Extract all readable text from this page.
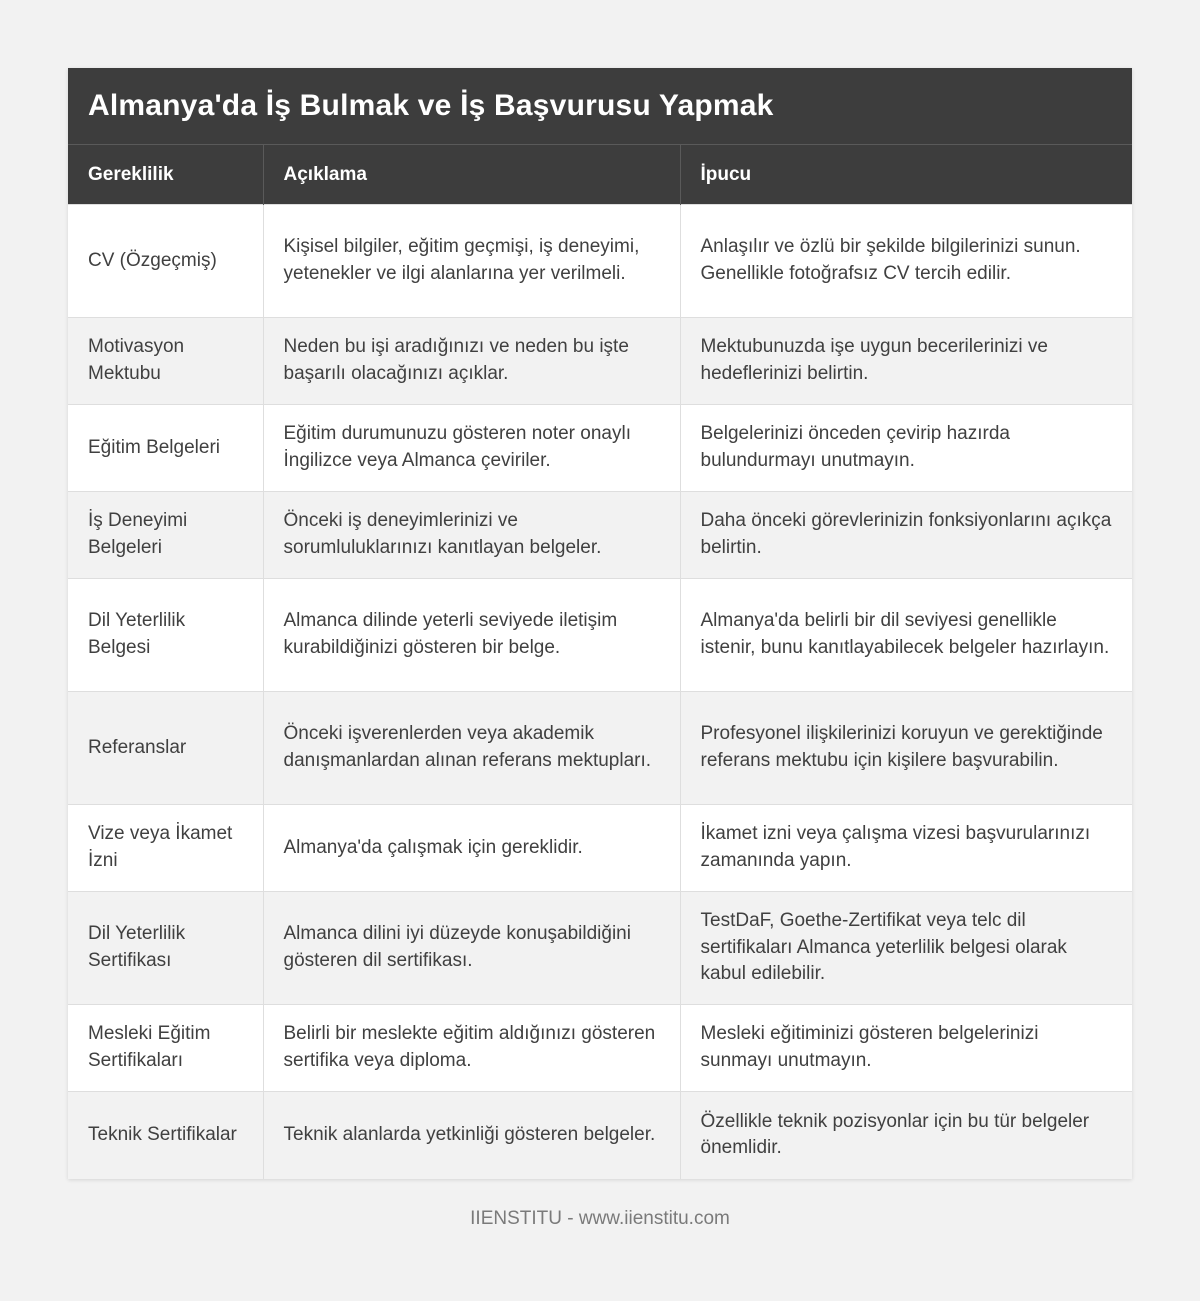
Almanya'da İş Bulmak ve İş Başvurusu Yapmak
Gereklilik	Açıklama	İpucu
CV (Özgeçmiş)	Kişisel bilgiler, eğitim geçmişi, iş deneyimi, yetenekler ve ilgi alanlarına yer verilmeli.	Anlaşılır ve özlü bir şekilde bilgilerinizi sunun. Genellikle fotoğrafsız CV tercih edilir.
Motivasyon Mektubu	Neden bu işi aradığınızı ve neden bu işte başarılı olacağınızı açıklar.	Mektubunuzda işe uygun becerilerinizi ve hedeflerinizi belirtin.
Eğitim Belgeleri	Eğitim durumunuzu gösteren noter onaylı İngilizce veya Almanca çeviriler.	Belgelerinizi önceden çevirip hazırda bulundurmayı unutmayın.
İş Deneyimi Belgeleri	Önceki iş deneyimlerinizi ve sorumluluklarınızı kanıtlayan belgeler.	Daha önceki görevlerinizin fonksiyonlarını açıkça belirtin.
Dil Yeterlilik Belgesi	Almanca dilinde yeterli seviyede iletişim kurabildiğinizi gösteren bir belge.	Almanya'da belirli bir dil seviyesi genellikle istenir, bunu kanıtlayabilecek belgeler hazırlayın.
Referanslar	Önceki işverenlerden veya akademik danışmanlardan alınan referans mektupları.	Profesyonel ilişkilerinizi koruyun ve gerektiğinde referans mektubu için kişilere başvurabilin.
Vize veya İkamet İzni	Almanya'da çalışmak için gereklidir.	İkamet izni veya çalışma vizesi başvurularınızı zamanında yapın.
Dil Yeterlilik Sertifikası	Almanca dilini iyi düzeyde konuşabildiğini gösteren dil sertifikası.	TestDaF, Goethe-Zertifikat veya telc dil sertifikaları Almanca yeterlilik belgesi olarak kabul edilebilir.
Mesleki Eğitim Sertifikaları	Belirli bir meslekte eğitim aldığınızı gösteren sertifika veya diploma.	Mesleki eğitiminizi gösteren belgelerinizi sunmayı unutmayın.
Teknik Sertifikalar	Teknik alanlarda yetkinliği gösteren belgeler.	Özellikle teknik pozisyonlar için bu tür belgeler önemlidir.
IIENSTITU - www.iienstitu.com
